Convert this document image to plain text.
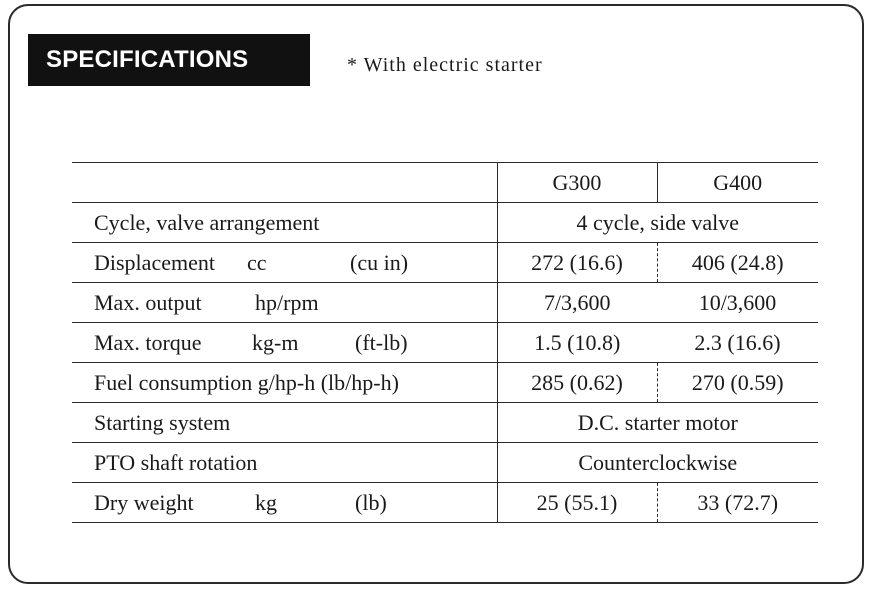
SPECIFICATIONS	* With electric starter
	G300	G400
Cycle, valve arrangement	4 cycle, side valve	
Displacement cc (cu in)	272 (16.6)	406 (24.8)
Max. output hp/rpm	7/3,600	10/3,600
Max. torque kg-m (ft-lb)	1.5 (10.8)	2.3 (16.6)
Fuel consumption g/hp-h (lb/hp-h)	285 (0.62)	270 (0.59)
Starting system	D.C. starter motor	
PTO shaft rotation	Counterclockwise	
Dry weight kg (lb)	25 (55.1)	33 (72.7)
